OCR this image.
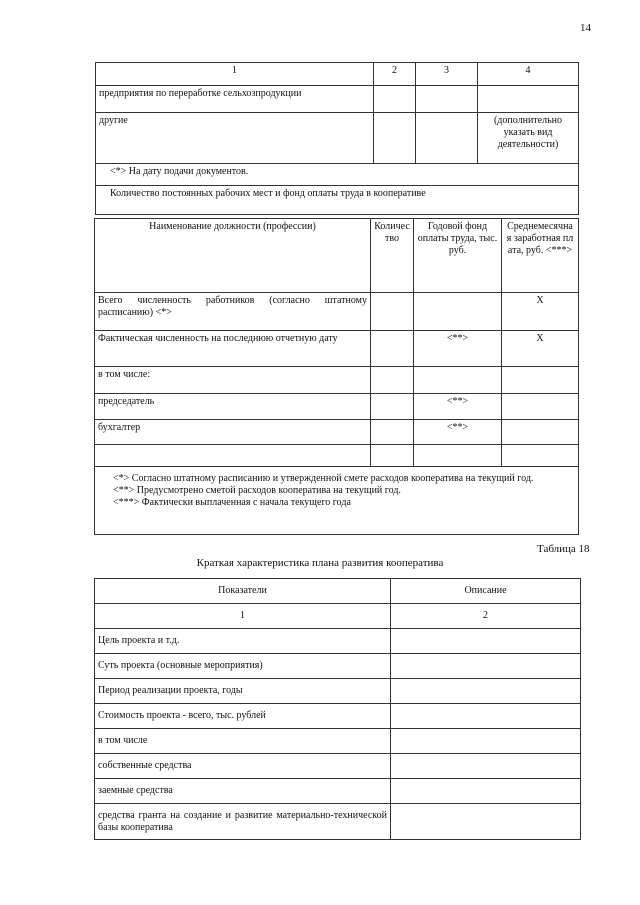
14
1	2	3	4
предприятия по переработке сельхозпродукции			
другие			(дополнительно указать вид деятельности)
<*> На дату подачи документов.			
Количество постоянных рабочих мест и фонд оплаты труда в кооперативе			
Наименование должности (профессии)	Количество	Годовой фонд оплаты труда, тыс. руб.	Среднемесячная заработная плата, руб. <***>
Всего численность работников (согласно штатному расписанию) <*>			X
Фактическая численность на последнюю отчетную дату		<**>	X
в том числе:			
председатель		<**>	
бухгалтер		<**>	

<*> Согласно штатному расписанию и утвержденной смете расходов кооператива на текущий год.

<**> Предусмотрено сметой расходов кооператива на текущий год.

<***> Фактически выплаченная с начала текущего года			

Таблица 18
Краткая характеристика плана развития кооператива
Показатели	Описание
1	2
Цель проекта и т.д.	
Суть проекта (основные мероприятия)	
Период реализации проекта, годы	
Стоимость проекта - всего, тыс. рублей	
в том числе	
собственные средства	
заемные средства	
средства гранта на создание и развитие материально-технической базы кооператива	
